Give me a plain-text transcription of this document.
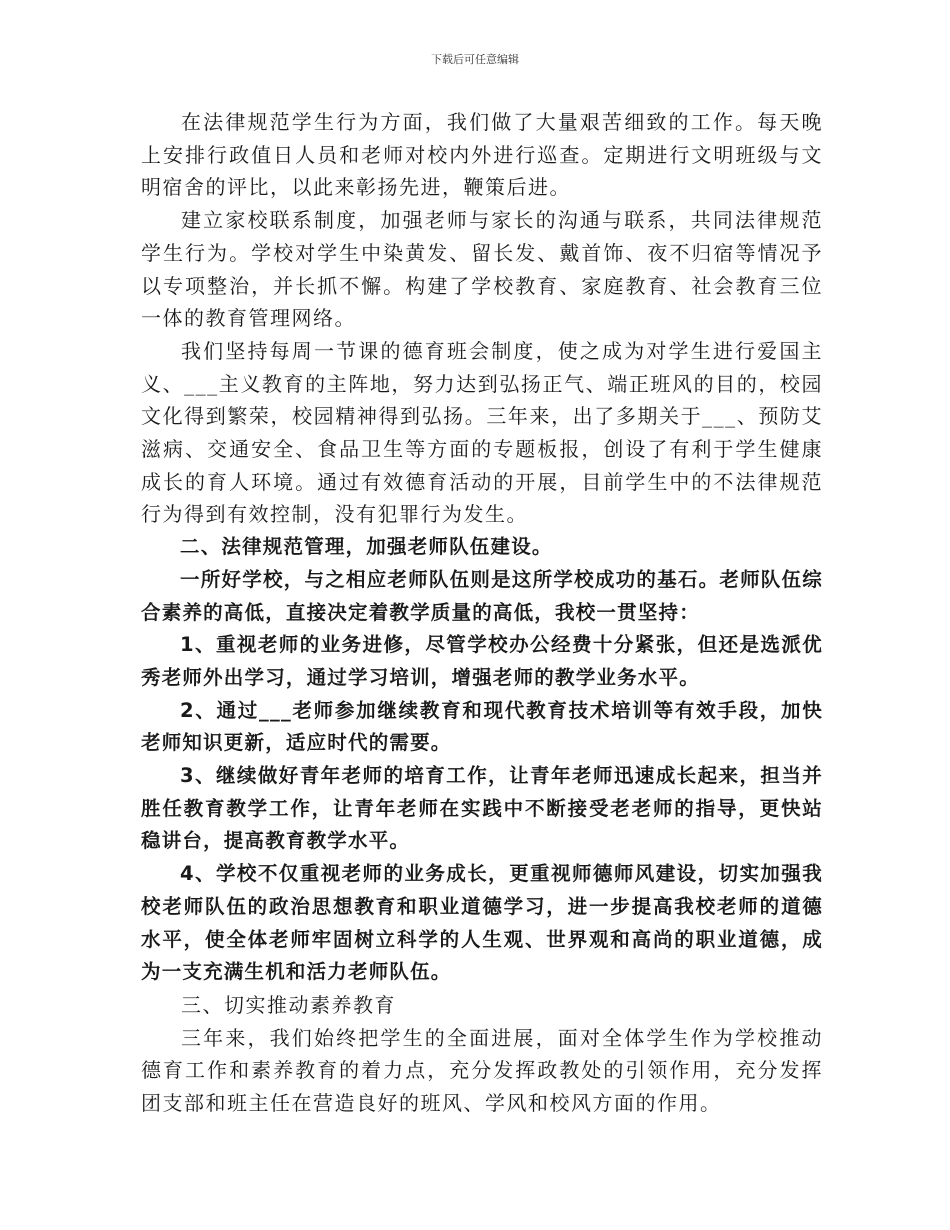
下载后可任意编辑

在法律规范学生行为方面，我们做了大量艰苦细致的工作。每天晚上安排行政值日人员和老师对校内外进行巡查。定期进行文明班级与文明宿舍的评比，以此来彰扬先进，鞭策后进。

建立家校联系制度，加强老师与家长的沟通与联系，共同法律规范学生行为。学校对学生中染黄发、留长发、戴首饰、夜不归宿等情况予以专项整治，并长抓不懈。构建了学校教育、家庭教育、社会教育三位一体的教育管理网络。

我们坚持每周一节课的德育班会制度，使之成为对学生进行爱国主义、___主义教育的主阵地，努力达到弘扬正气、端正班风的目的，校园文化得到繁荣，校园精神得到弘扬。三年来，出了多期关于___、预防艾滋病、交通安全、食品卫生等方面的专题板报，创设了有利于学生健康成长的育人环境。通过有效德育活动的开展，目前学生中的不法律规范行为得到有效控制，没有犯罪行为发生。

二、法律规范管理，加强老师队伍建设。

一所好学校，与之相应老师队伍则是这所学校成功的基石。老师队伍综合素养的高低，直接决定着教学质量的高低，我校一贯坚持：

1、重视老师的业务进修，尽管学校办公经费十分紧张，但还是选派优秀老师外出学习，通过学习培训，增强老师的教学业务水平。

2、通过___老师参加继续教育和现代教育技术培训等有效手段，加快老师知识更新，适应时代的需要。

3、继续做好青年老师的培育工作，让青年老师迅速成长起来，担当并胜任教育教学工作，让青年老师在实践中不断接受老老师的指导，更快站稳讲台，提高教育教学水平。

4、学校不仅重视老师的业务成长，更重视师德师风建设，切实加强我校老师队伍的政治思想教育和职业道德学习，进一步提高我校老师的道德水平，使全体老师牢固树立科学的人生观、世界观和高尚的职业道德，成为一支充满生机和活力老师队伍。

三、切实推动素养教育

三年来，我们始终把学生的全面进展，面对全体学生作为学校推动德育工作和素养教育的着力点，充分发挥政教处的引领作用，充分发挥团支部和班主任在营造良好的班风、学风和校风方面的作用。
